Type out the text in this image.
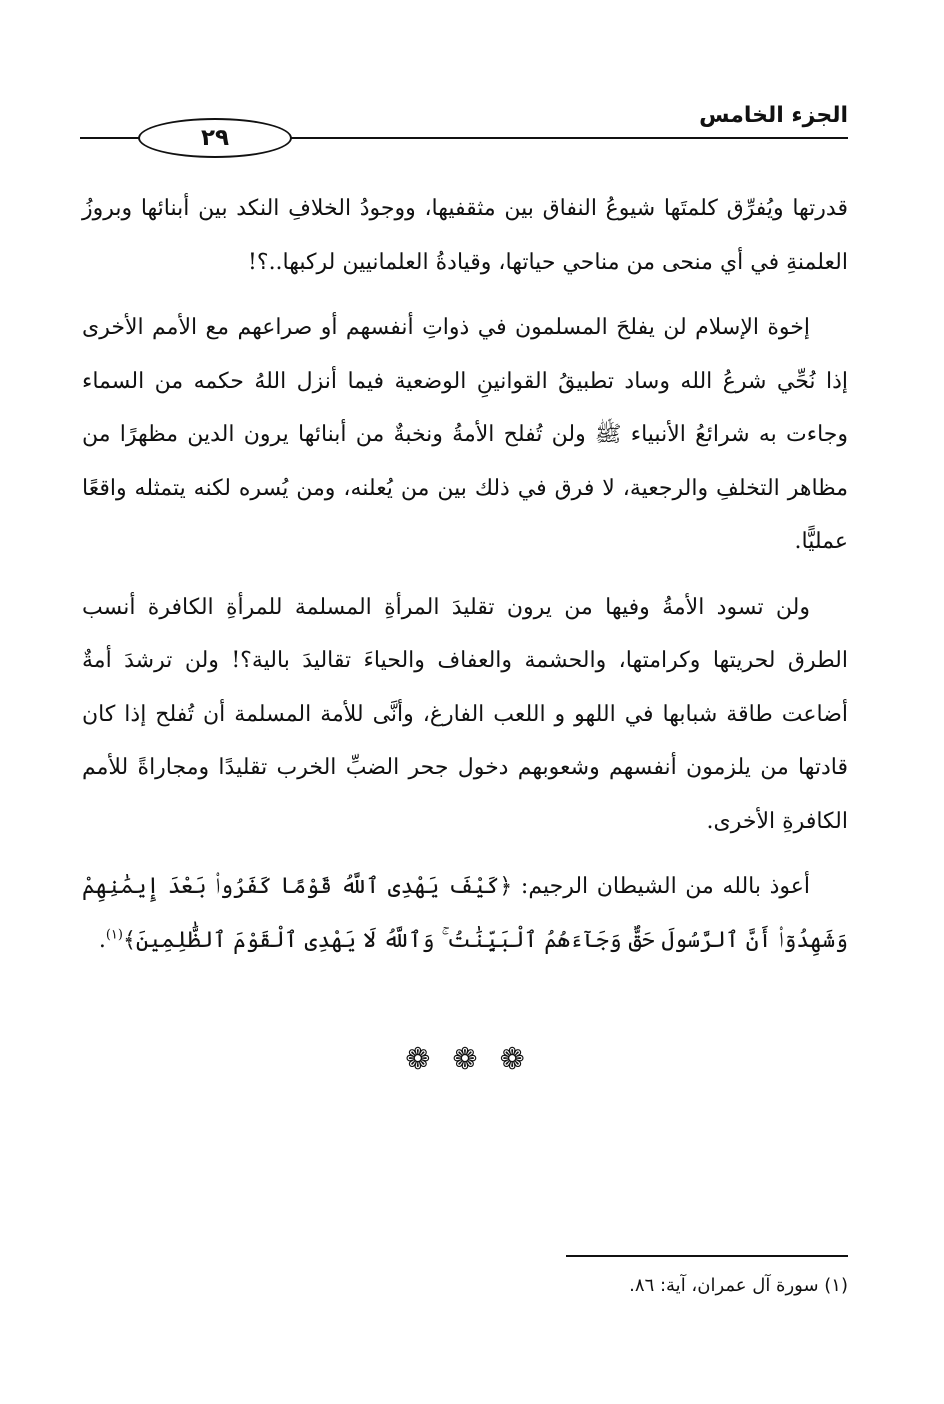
الجزء الخامس
٢٩

قدرتها ويُفرِّق كلمتَها شيوعُ النفاق بين مثقفيها، ووجودُ الخلافِ النكد بين أبنائها وبروزُ العلمنةِ في أي منحى من مناحي حياتها، وقيادةُ العلمانيين لركبها..؟!

إخوة الإسلام لن يفلحَ المسلمون في ذواتِ أنفسهم أو صراعهم مع الأمم الأخرى إذا نُحِّي شرعُ الله وساد تطبيقُ القوانينِ الوضعية فيما أنزل اللهُ حكمه من السماء وجاءت به شرائعُ الأنبياء ﷺ ولن تُفلح الأمةُ ونخبةٌ من أبنائها يرون الدين مظهرًا من مظاهر التخلفِ والرجعية، لا فرق في ذلك بين من يُعلنه، ومن يُسره لكنه يتمثله واقعًا عمليًّا.

ولن تسود الأمةُ وفيها من يرون تقليدَ المرأةِ المسلمة للمرأةِ الكافرة أنسب الطرق لحريتها وكرامتها، والحشمة والعفاف والحياءَ تقاليدَ بالية؟! ولن ترشدَ أمةٌ أضاعت طاقة شبابها في اللهو و اللعب الفارغ، وأنَّى للأمة المسلمة أن تُفلح إذا كان قادتها من يلزمون أنفسهم وشعوبهم دخول جحر الضبِّ الخرب تقليدًا ومجاراةً للأمم الكافرةِ الأخرى.

أعوذ بالله من الشيطان الرجيم: ﴿كَيْفَ يَهْدِى ٱللَّهُ قَوْمًا كَفَرُوا۟ بَعْدَ إِيمَٰنِهِمْ وَشَهِدُوٓا۟ أَنَّ ٱلرَّسُولَ حَقٌّ وَجَآءَهُمُ ٱلْبَيِّنَٰتُ ۚ وَٱللَّهُ لَا يَهْدِى ٱلْقَوْمَ ٱلظَّٰلِمِينَ﴾$^{(١)}$.

❁ ❁ ❁
(١) سورة آل عمران، آية: ٨٦.
